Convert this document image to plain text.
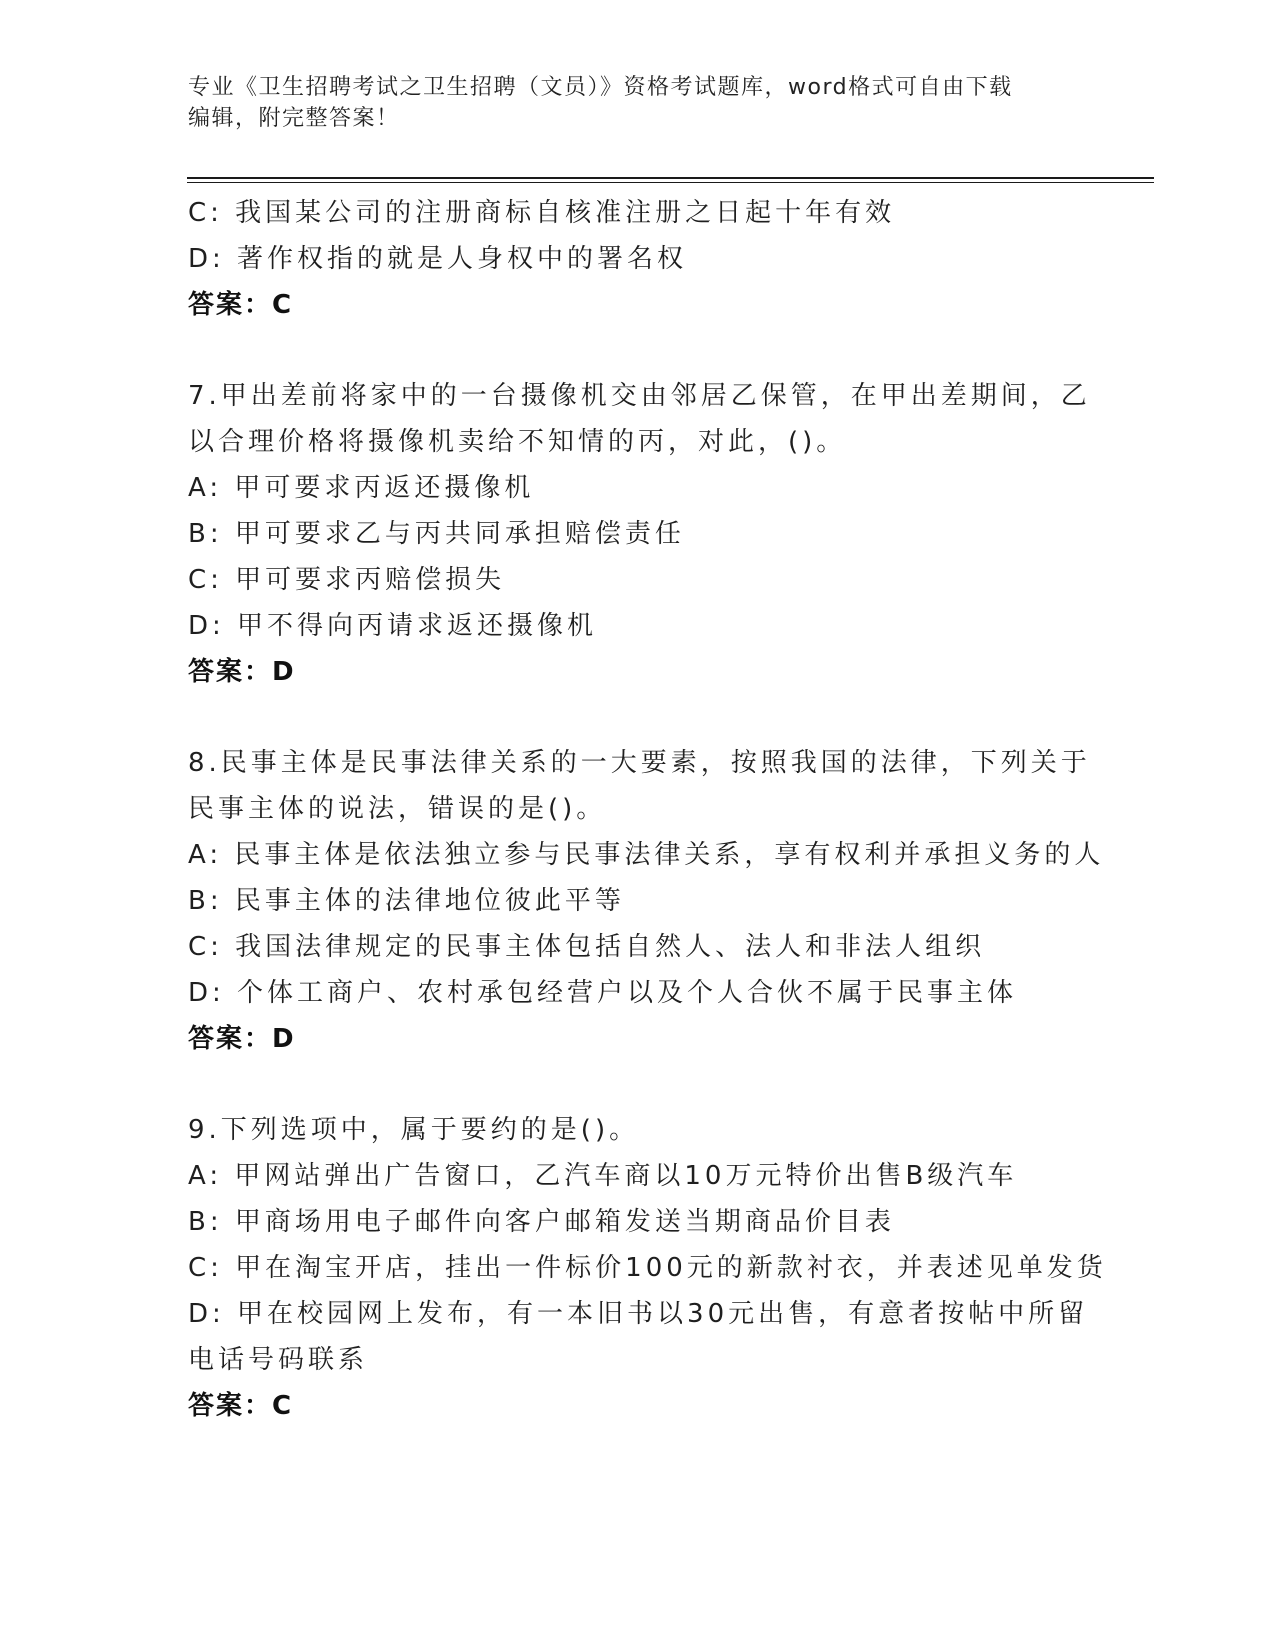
专业《卫生招聘考试之卫生招聘（文员）》资格考试题库，word格式可自由下载
编辑，附完整答案！
C: 我国某公司的注册商标自核准注册之日起十年有效
D: 著作权指的就是人身权中的署名权
答案：C
7.甲出差前将家中的一台摄像机交由邻居乙保管，在甲出差期间，乙
以合理价格将摄像机卖给不知情的丙，对此，()。
A: 甲可要求丙返还摄像机
B: 甲可要求乙与丙共同承担赔偿责任
C: 甲可要求丙赔偿损失
D: 甲不得向丙请求返还摄像机
答案：D
8.民事主体是民事法律关系的一大要素，按照我国的法律，下列关于
民事主体的说法，错误的是()。
A: 民事主体是依法独立参与民事法律关系，享有权利并承担义务的人
B: 民事主体的法律地位彼此平等
C: 我国法律规定的民事主体包括自然人、法人和非法人组织
D: 个体工商户、农村承包经营户以及个人合伙不属于民事主体
答案：D
9.下列选项中，属于要约的是()。
A: 甲网站弹出广告窗口，乙汽车商以10万元特价出售B级汽车
B: 甲商场用电子邮件向客户邮箱发送当期商品价目表
C: 甲在淘宝开店，挂出一件标价100元的新款衬衣，并表述见单发货
D: 甲在校园网上发布，有一本旧书以30元出售，有意者按帖中所留
电话号码联系
答案：C
